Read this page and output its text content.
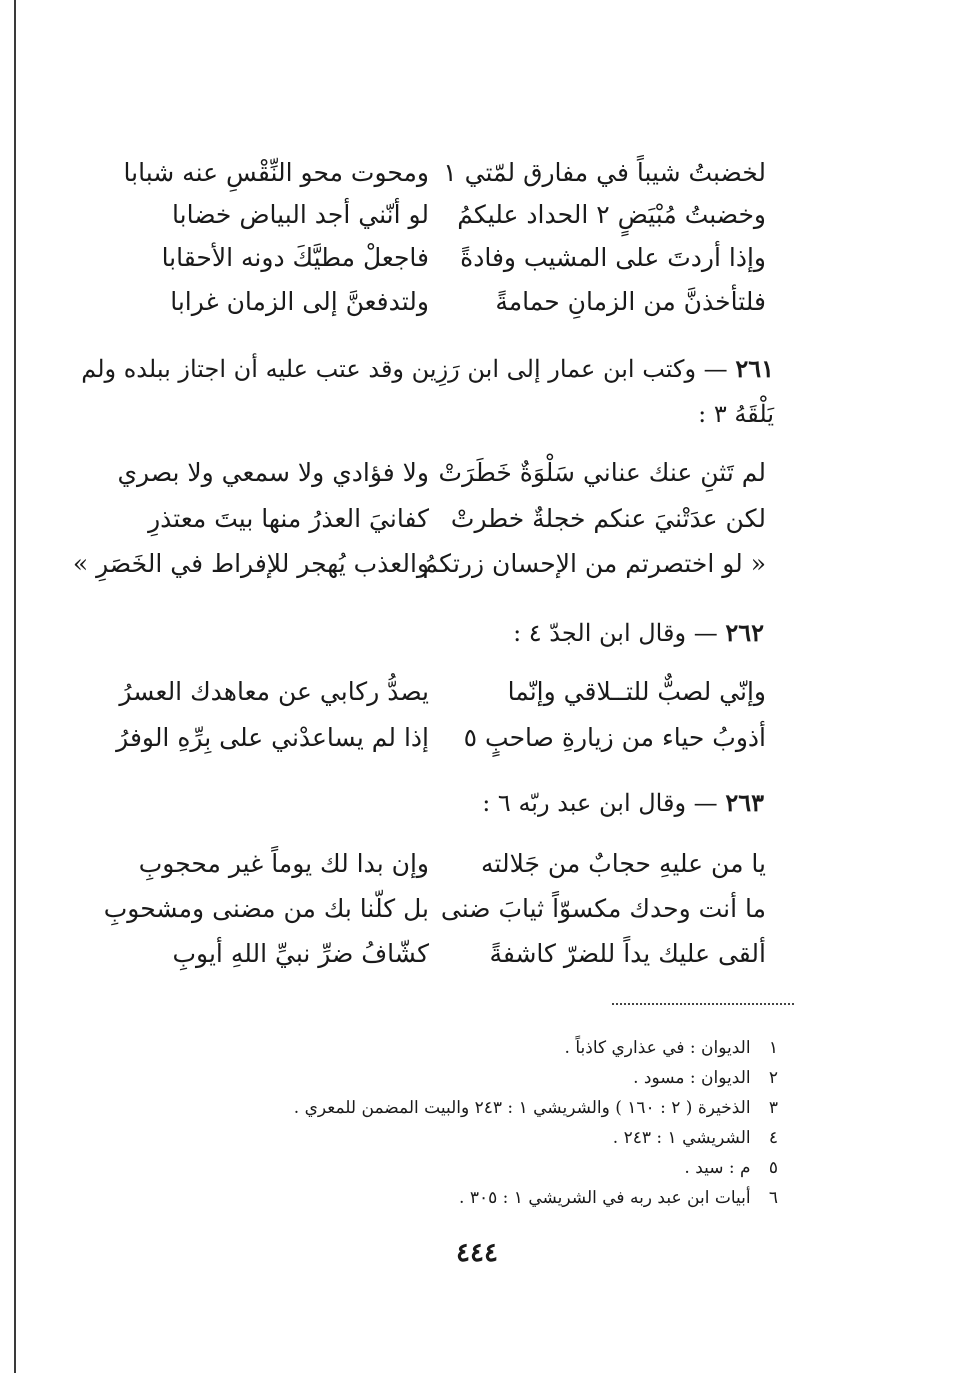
لخضبتُ شيباً في مفارق لمّتي ١
ومحوت محو النِّقْسِ عنه شبابا
وخضبتُ مُبْيَضٍ ٢ الحداد عليكمُ
لو أنّني أجد البياض خضابا
وإذا أردتَ على المشيب وفادةً
فاجعلْ مطيَّكَ دونه الأحقابا
فلتأخذنَّ من الزمانِ حمامةً
ولتدفعنَّ إلى الزمان غرابا
٢٦١ — وكتب ابن عمار إلى ابن رَزِين وقد عتب عليه أن اجتاز ببلده ولم
يَلْقَهُ ٣ :
لم تَثنِ عنك عناني سَلْوَةٌ خَطَرَتْ
ولا فؤادي ولا سمعي ولا بصري
لكن عدَتْنيَ عنكم خجلةٌ خطرتْ
كفانيَ العذرُ منها بيتَ معتذرِ
« لو اختصرتم من الإحسان زرتكمُ
والعذب يُهجر للإفراط في الخَصَرِ »
٢٦٢ — وقال ابن الجدّ ٤ :
وإنّي لصبٌّ للتــلاقي وإنّما
يصدُّ ركابي عن معاهدك العسرُ
أذوبُ حياء من زيارةِ صاحبٍ ٥
إذا لم يساعدْني على بِرِّهِ الوفرُ
٢٦٣ — وقال ابن عبد ربّه ٦ :
يا من عليهِ حجابٌ من جَلالته
وإن بدا لك يوماً غير محجوبِ
ما أنت وحدك مكسوّاً ثيابَ ضنى
بل كلّنا بك من مضنى ومشحوبِ
ألقى عليك يداً للضرّ كاشفةً
كشّافُ ضرِّ نبيِّ اللهِ أيوبِ
١ الديوان : في عذاري كاذباً .
٢ الديوان : مسود .
٣ الذخيرة ( ٢ : ١٦٠ ) والشريشي ١ : ٢٤٣ والبيت المضمن للمعري .
٤ الشريشي ١ : ٢٤٣ .
٥ م : سيد .
٦ أبيات ابن عبد ربه في الشريشي ١ : ٣٠٥ .
٤٤٤
